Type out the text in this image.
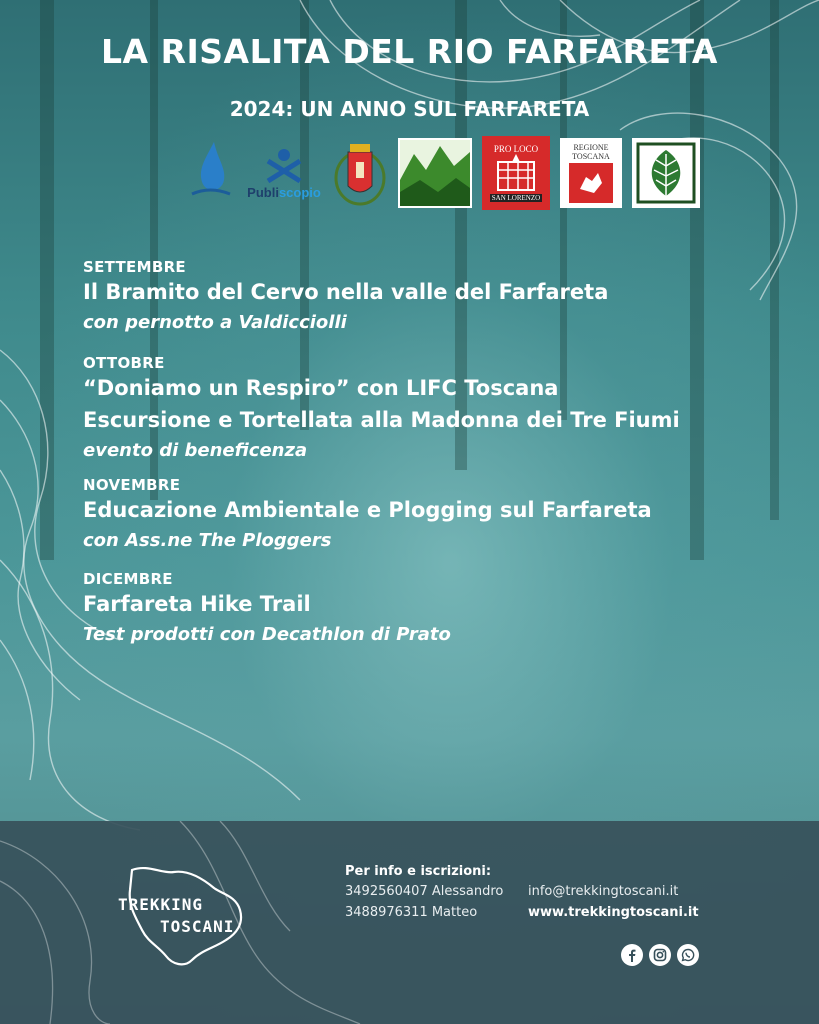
LA RISALITA DEL RIO FARFARETA
2024: UN ANNO SUL FARFARETA
Publiscopio
PRO LOCO
SAN LORENZO
REGIONE
TOSCANA
SETTEMBRE
Il Bramito del Cervo nella valle del Farfareta
con pernotto a Valdicciolli
OTTOBRE
“Doniamo un Respiro” con LIFC Toscana
Escursione e Tortellata alla Madonna dei Tre Fiumi
evento di beneficenza
NOVEMBRE
Educazione Ambientale e Plogging sul Farfareta
con Ass.ne The Ploggers
DICEMBRE
Farfareta Hike Trail
Test prodotti con Decathlon di Prato
TREKKING
TOSCANI
Per info e iscrizioni:
3492560407 Alessandro
3488976311 Matteo
info@trekkingtoscani.it
www.trekkingtoscani.it
